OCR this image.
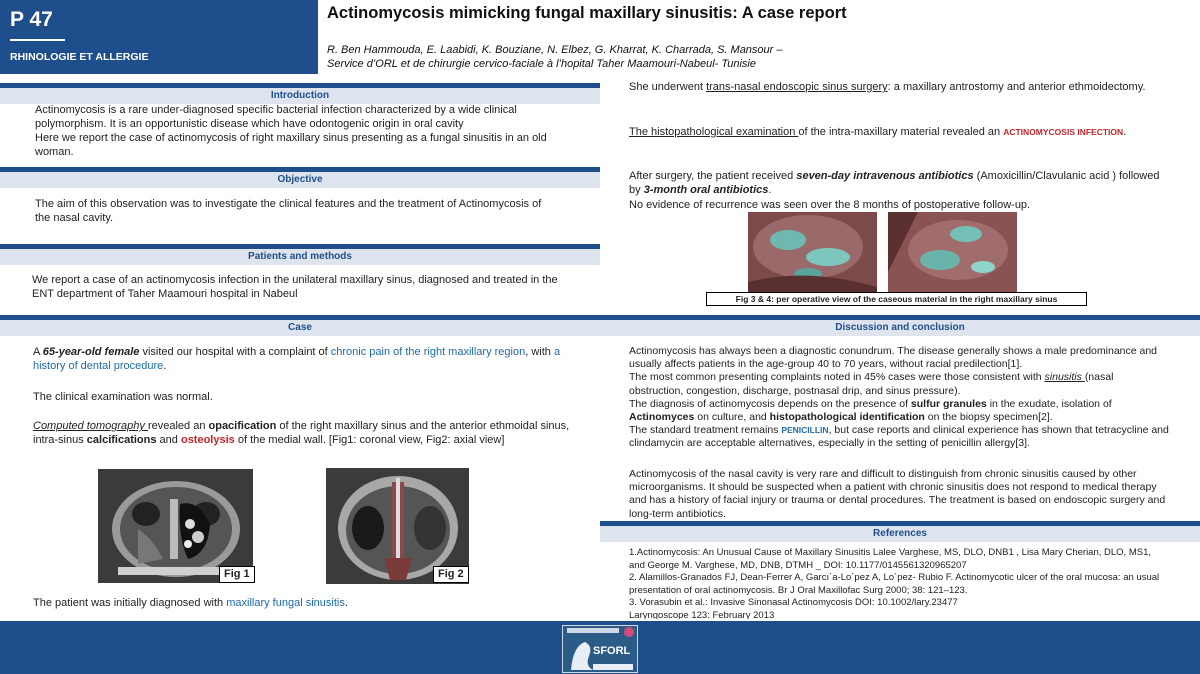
P 47
RHINOLOGIE ET ALLERGIE
Actinomycosis mimicking fungal maxillary sinusitis: A case report
R. Ben Hammouda, E. Laabidi, K. Bouziane, N. Elbez, G. Kharrat, K. Charrada, S. Mansour –
Service d’ORL et de chirurgie cervico-faciale à l’hopital Taher Maamouri-Nabeul- Tunisie
Introduction
Actinomycosis is a rare under-diagnosed specific bacterial infection characterized by a wide clinical polymorphism. It is an opportunistic disease which have odontogenic origin in oral cavity
Here we report the case of actinomycosis of right maxillary sinus presenting as a fungal sinusitis in an old woman.
Objective
The aim of this observation was to investigate the clinical features and the treatment of Actinomycosis of the nasal cavity.
Patients and methods
We report a case of an actinomycosis infection in the unilateral maxillary sinus, diagnosed and treated in the ENT department of Taher Maamouri hospital in Nabeul
Case
A 65-year-old female visited our hospital with a complaint of chronic pain of the right maxillary region, with a history of dental procedure.
The clinical examination was normal.
Computed tomography revealed an opacification of the right maxillary sinus and the anterior ethmoidal sinus, intra-sinus calcifications and osteolysis of the medial wall. [Fig1: coronal view, Fig2: axial view]
Fig 1	Fig 2
The patient was initially diagnosed with maxillary fungal sinusitis.
She underwent trans-nasal endoscopic sinus surgery: a maxillary antrostomy and anterior ethmoidectomy.
The histopathological examination of the intra-maxillary material revealed an ACTINOMYCOSIS INFECTION.
After surgery, the patient received seven-day intravenous antibiotics (Amoxicillin/Clavulanic acid ) followed by 3-month oral antibiotics.
No evidence of recurrence was seen over the 8 months of postoperative follow-up.
Fig 3 & 4: per operative view of the caseous material in the right maxillary sinus
Discussion and conclusion
Actinomycosis has always been a diagnostic conundrum. The disease generally shows a male predominance and usually affects patients in the age-group 40 to 70 years, without racial predilection[1].
The most common presenting complaints noted in 45% cases were those consistent with sinusitis (nasal obstruction, congestion, discharge, postnasal drip, and sinus pressure).
The diagnosis of actinomycosis depends on the presence of sulfur granules in the exudate, isolation of Actinomyces on culture, and histopathological identification on the biopsy specimen[2].
The standard treatment remains PENICILLIN, but case reports and clinical experience has shown that tetracycline and clindamycin are acceptable alternatives, especially in the setting of penicillin allergy[3].
Actinomycosis of the nasal cavity is very rare and difficult to distinguish from chronic sinusitis caused by other microorganisms. It should be suspected when a patient with chronic sinusitis does not respond to medical therapy and has a history of facial injury or trauma or dental procedures. The treatment is based on endoscopic surgery and long-term antibiotics.
References
1.Actinomycosis: An Unusual Cause of Maxillary Sinusitis Lalee Varghese, MS, DLO, DNB1 , Lisa Mary Cherian, DLO, MS1, and George M. Varghese, MD, DNB, DTMH _ DOI: 10.1177/0145561320965207
2. Alamillos-Granados FJ, Dean-Ferrer A, Garcı´a-Lo´pez A, Lo´pez- Rubio F. Actinomycotic ulcer of the oral mucosa: an usual presentation of oral actinomycosis. Br J Oral Maxillofac Surg 2000; 38: 121–123.
3. Vorasubin et al.: Invasive Sinonasal Actinomycosis DOI: 10.1002/lary.23477
Laryngoscope 123: February 2013
SFORL
